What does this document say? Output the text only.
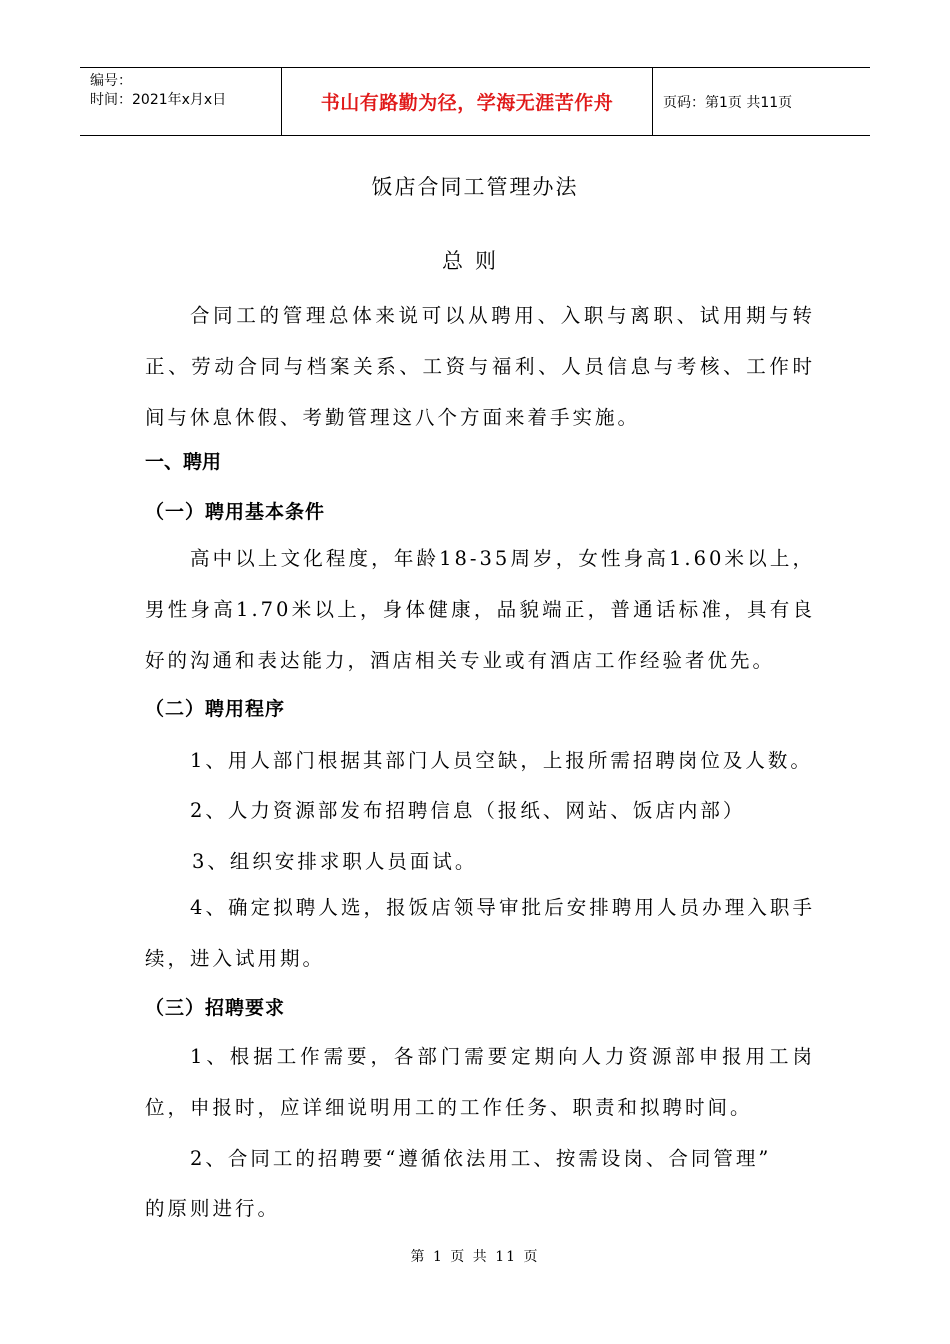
编号：
时间：2021年x月x日	书山有路勤为径，学海无涯苦作舟	页码：第1页 共11页
饭店合同工管理办法
总则

合同工的管理总体来说可以从聘用、入职与离职、试用期与转正、劳动合同与档案关系、工资与福利、人员信息与考核、工作时间与休息休假、考勤管理这八个方面来着手实施。

一、聘用
（一）聘用基本条件

高中以上文化程度，年龄18-35周岁，女性身高1.60米以上，男性身高1.70米以上，身体健康，品貌端正，普通话标准，具有良好的沟通和表达能力，酒店相关专业或有酒店工作经验者优先。

（二）聘用程序
1、用人部门根据其部门人员空缺，上报所需招聘岗位及人数。
2、人力资源部发布招聘信息（报纸、网站、饭店内部）
3、组织安排求职人员面试。

4、确定拟聘人选，报饭店领导审批后安排聘用人员办理入职手续，进入试用期。

（三）招聘要求

1、根据工作需要，各部门需要定期向人力资源部申报用工岗位，申报时，应详细说明用工的工作任务、职责和拟聘时间。

2、合同工的招聘要“遵循依法用工、按需设岗、合同管理”
的原则进行。
第 1 页 共 11 页
